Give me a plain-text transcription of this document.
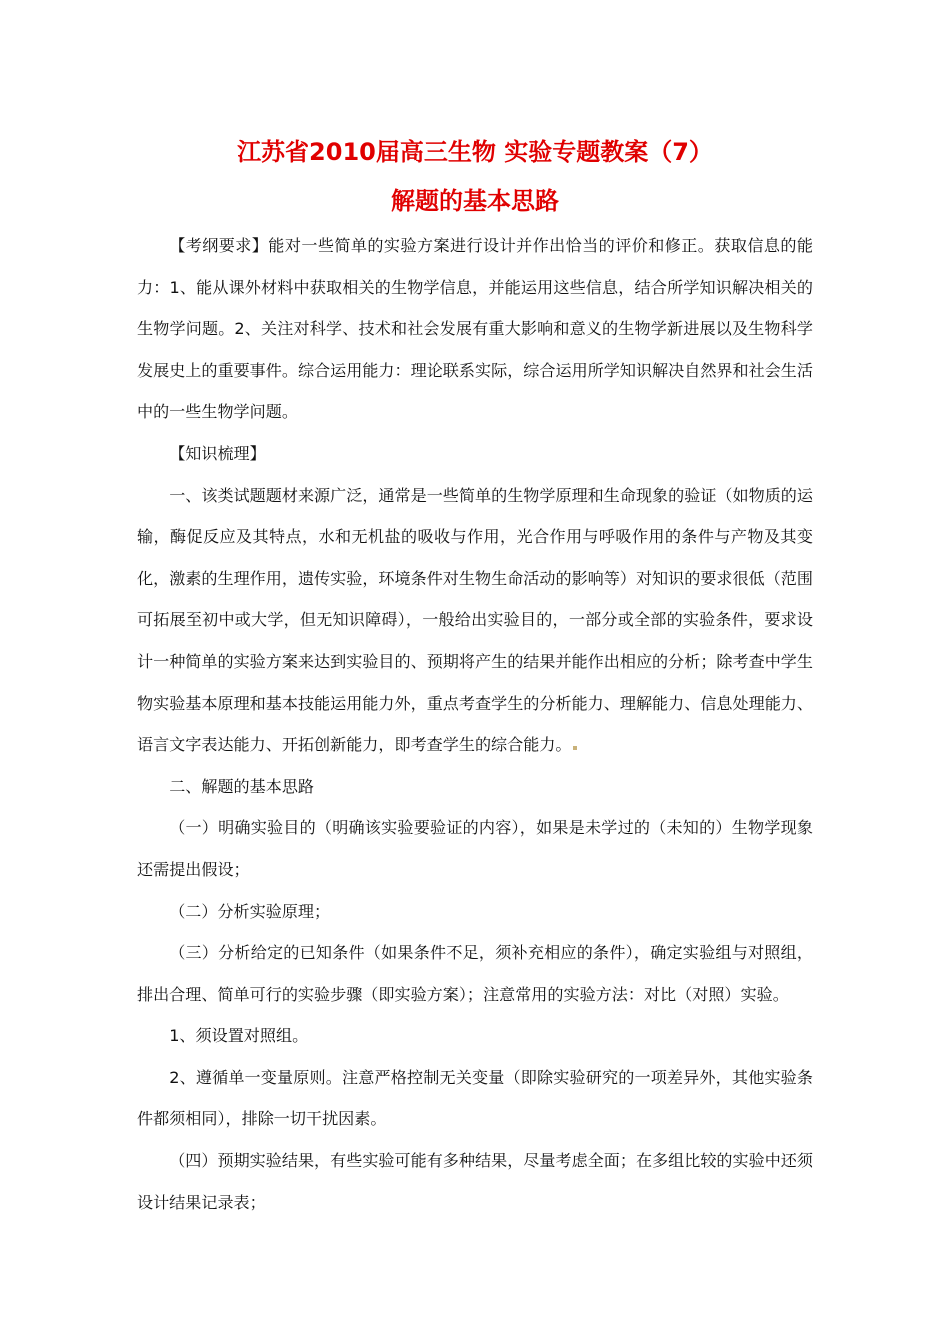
江苏省2010届高三生物 实验专题教案（7）
解题的基本思路

【考纲要求】能对一些简单的实验方案进行设计并作出恰当的评价和修正。获取信息的能力：1、能从课外材料中获取相关的生物学信息，并能运用这些信息，结合所学知识解决相关的生物学问题。2、关注对科学、技术和社会发展有重大影响和意义的生物学新进展以及生物科学发展史上的重要事件。综合运用能力：理论联系实际，综合运用所学知识解决自然界和社会生活中的一些生物学问题。

【知识梳理】

一、该类试题题材来源广泛，通常是一些简单的生物学原理和生命现象的验证（如物质的运输，酶促反应及其特点，水和无机盐的吸收与作用，光合作用与呼吸作用的条件与产物及其变化，激素的生理作用，遗传实验，环境条件对生物生命活动的影响等）对知识的要求很低（范围可拓展至初中或大学，但无知识障碍），一般给出实验目的，一部分或全部的实验条件，要求设计一种简单的实验方案来达到实验目的、预期将产生的结果并能作出相应的分析；除考查中学生物实验基本原理和基本技能运用能力外，重点考查学生的分析能力、理解能力、信息处理能力、语言文字表达能力、开拓创新能力，即考查学生的综合能力。

二、解题的基本思路

（一）明确实验目的（明确该实验要验证的内容），如果是未学过的（未知的）生物学现象还需提出假设；

（二）分析实验原理；

（三）分析给定的已知条件（如果条件不足，须补充相应的条件），确定实验组与对照组，排出合理、简单可行的实验步骤（即实验方案）；注意常用的实验方法：对比（对照）实验。

1、须设置对照组。

2、遵循单一变量原则。注意严格控制无关变量（即除实验研究的一项差异外，其他实验条件都须相同），排除一切干扰因素。

（四）预期实验结果，有些实验可能有多种结果，尽量考虑全面；在多组比较的实验中还须设计结果记录表；
